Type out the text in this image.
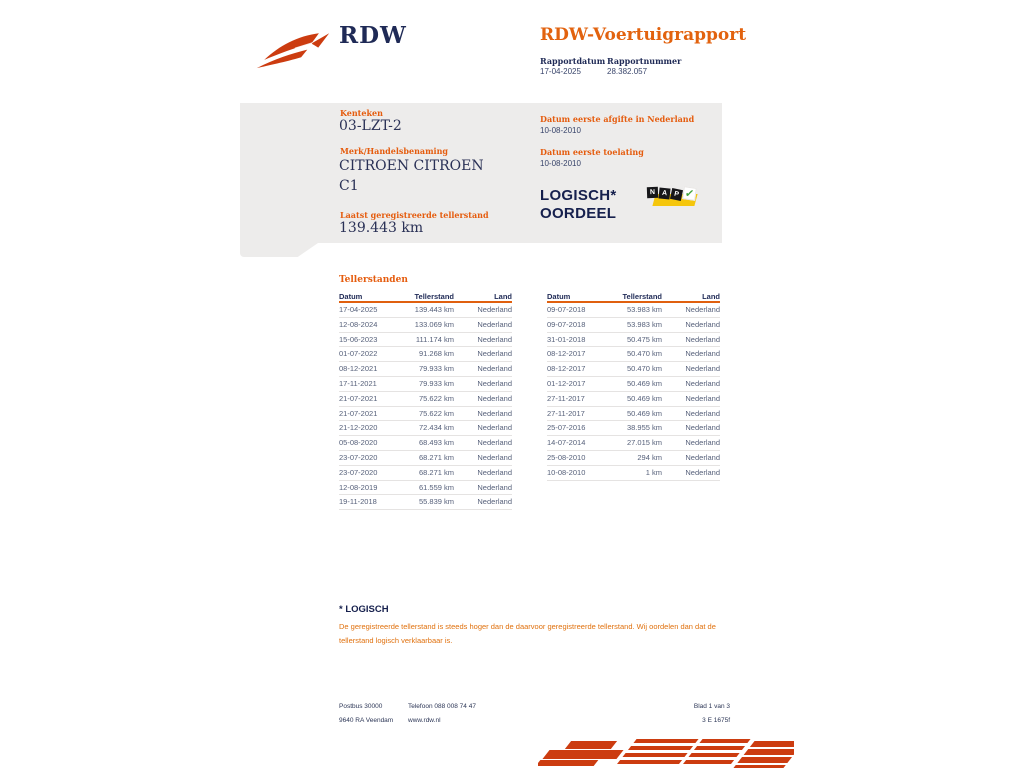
RDW	RDW-Voertuigrapport
Rapportdatum Rapportnummer
17-04-2025	28.382.057
Kenteken
03-LZT-2
Merk/Handelsbenaming
CITROEN CITROEN C1
Laatst geregistreerde tellerstand
139.443 km
Datum eerste afgifte in Nederland
10-08-2010
Datum eerste toelating
10-08-2010
LOGISCH*
OORDEEL
N A P ✓
Tellerstanden
Datum	Tellerstand	Land
17-04-2025	139.443 km	Nederland
12-08-2024	133.069 km	Nederland
15-06-2023	111.174 km	Nederland
01-07-2022	91.268 km	Nederland
08-12-2021	79.933 km	Nederland
17-11-2021	79.933 km	Nederland
21-07-2021	75.622 km	Nederland
21-07-2021	75.622 km	Nederland
21-12-2020	72.434 km	Nederland
05-08-2020	68.493 km	Nederland
23-07-2020	68.271 km	Nederland
23-07-2020	68.271 km	Nederland
12-08-2019	61.559 km	Nederland
19-11-2018	55.839 km	Nederland
Datum	Tellerstand	Land
09-07-2018	53.983 km	Nederland
09-07-2018	53.983 km	Nederland
31-01-2018	50.475 km	Nederland
08-12-2017	50.470 km	Nederland
08-12-2017	50.470 km	Nederland
01-12-2017	50.469 km	Nederland
27-11-2017	50.469 km	Nederland
27-11-2017	50.469 km	Nederland
25-07-2016	38.955 km	Nederland
14-07-2014	27.015 km	Nederland
25-08-2010	294 km	Nederland
10-08-2010	1 km	Nederland
* LOGISCH
De geregistreerde tellerstand is steeds hoger dan de daarvoor geregistreerde tellerstand. Wij oordelen dan dat de tellerstand logisch verklaarbaar is.
Postbus 30000
9640 RA Veendam
Telefoon 088 008 74 47
www.rdw.nl
Blad 1 van 3
3 E 1675f
